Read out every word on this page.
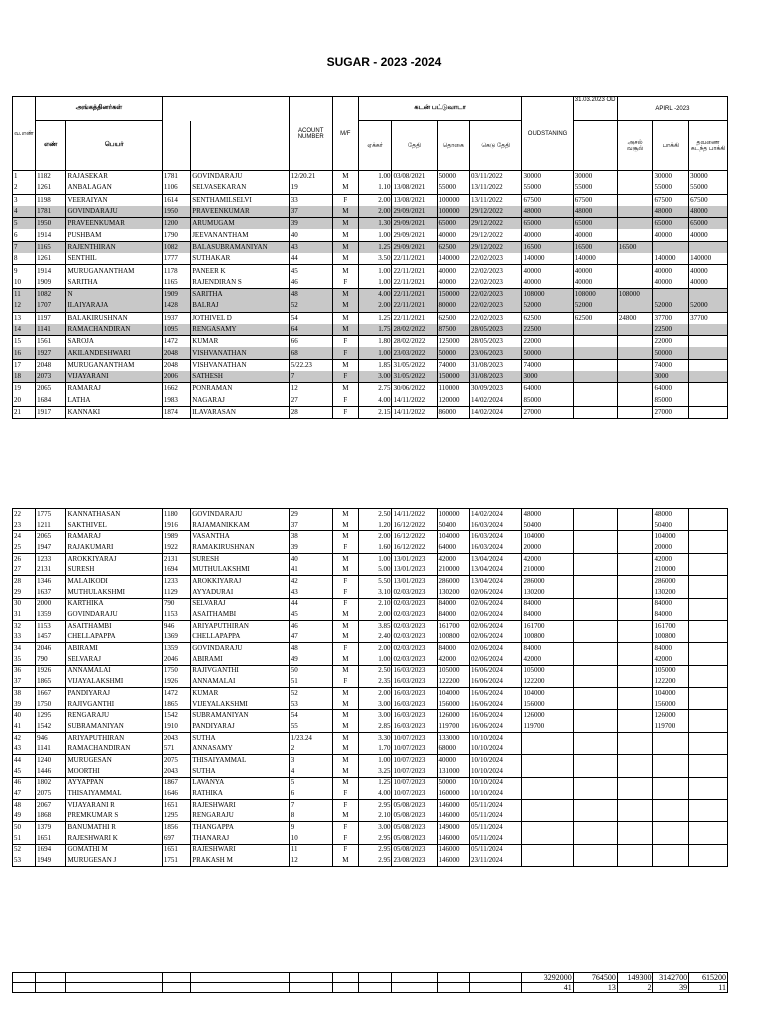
SUGAR - 2023 -2024
வ.எண்	அங்கத்தினர்கள்				ACOUNT NUMBER	M/F	கடன் பட்டுவாடா				OUDSTANING	31.03.2023 OD	APIRL -2023		
	எண்	பெயர்					ஏக்கர்	தேதி	தொகை	கெடு தேதி			அசல் வசூல்	பாக்கி	தவணை கடந்த பாக்கி
1	1182	RAJASEKAR	1781	GOVINDARAJU	12/20.21	M	1.00	03/08/2021	50000	03/11/2022	30000	30000		30000	30000
2	1261	ANBALAGAN	1106	SELVASEKARAN	19	M	1.10	13/08/2021	55000	13/11/2022	55000	55000		55000	55000
3	1198	VEERAIYAN	1614	SENTHAMILSELVI	33	F	2.00	13/08/2021	100000	13/11/2022	67500	67500		67500	67500
4	1781	GOVINDARAJU	1950	PRAVEENKUMAR	37	M	2.00	29/09/2021	100000	29/12/2022	48000	48000		48000	48000
5	1950	PRAVEENKUMAR	1200	ARUMUGAM	39	M	1.30	29/09/2021	65000	29/12/2022	65000	65000		65000	65000
6	1914	PUSHBAM	1790	JEEVANANTHAM	40	M	1.00	29/09/2021	40000	29/12/2022	40000	40000		40000	40000
7	1165	RAJENTHIRAN	1082	BALASUBRAMANIYAN	43	M	1.25	29/09/2021	62500	29/12/2022	16500	16500	16500		
8	1261	SENTHIL	1777	SUTHAKAR	44	M	3.50	22/11/2021	140000	22/02/2023	140000	140000		140000	140000
9	1914	MURUGANANTHAM	1178	PANEER K	45	M	1.00	22/11/2021	40000	22/02/2023	40000	40000		40000	40000
10	1909	SARITHA	1165	RAJENDIRAN S	46	F	1.00	22/11/2021	40000	22/02/2023	40000	40000		40000	40000
11	1082	N	1909	SARITHA	48	M	4.00	22/11/2021	150000	22/02/2023	108000	108000	108000		
12	1707	ILAIYARAJA	1428	BALRAJ	52	M	2.00	22/11/2021	80000	22/02/2023	52000	52000		52000	52000
13	1197	BALAKIRUSHNAN	1937	JOTHIVEL D	54	M	1.25	22/11/2021	62500	22/02/2023	62500	62500	24800	37700	37700
14	1141	RAMACHANDIRAN	1095	RENGASAMY	64	M	1.75	28/02/2022	87500	28/05/2023	22500			22500	
15	1561	SAROJA	1472	KUMAR	66	F	1.80	28/02/2022	125000	28/05/2023	22000			22000	
16	1927	AKILANDESHWARI	2048	VISHVANATHAN	68	F	1.00	23/03/2022	50000	23/06/2023	50000			50000	
17	2048	MURUGANANTHAM	2048	VISHVANATHAN	5/22.23	M	1.85	31/05/2022	74000	31/08/2023	74000			74000	
18	2073	VIJAYARANI	2006	SATHESH	7	F	3.00	31/05/2022	150000	31/08/2023	3000			3000	
19	2065	RAMARAJ	1662	PONRAMAN	12	M	2.75	30/06/2022	110000	30/09/2023	64000			64000	
20	1684	LATHA	1983	NAGARAJ	27	F	4.00	14/11/2022	120000	14/02/2024	85000			85000	
21	1917	KANNAKI	1874	ILAVARASAN	28	F	2.15	14/11/2022	86000	14/02/2024	27000			27000	
22	1775	KANNATHASAN	1180	GOVINDARAJU	29	M	2.50	14/11/2022	100000	14/02/2024	48000			48000	
23	1211	SAKTHIVEL	1916	RAJAMANIKKAM	37	M	1.20	16/12/2022	50400	16/03/2024	50400			50400	
24	2065	RAMARAJ	1989	VASANTHA	38	M	2.00	16/12/2022	104000	16/03/2024	104000			104000	
25	1947	RAJAKUMARI	1922	RAMAKIRUSHNAN	39	F	1.60	16/12/2022	64000	16/03/2024	20000			20000	
26	1233	AROKKIYARAJ	2131	SURESH	40	M	1.00	13/01/2023	42000	13/04/2024	42000			42000	
27	2131	SURESH	1694	MUTHULAKSHMI	41	M	5.00	13/01/2023	210000	13/04/2024	210000			210000	
28	1346	MALAIKODI	1233	AROKKIYARAJ	42	F	5.50	13/01/2023	286000	13/04/2024	286000			286000	
29	1637	MUTHULAKSHMI	1129	AYYADURAI	43	F	3.10	02/03/2023	130200	02/06/2024	130200			130200	
30	2000	KARTHIKA	790	SELVARAJ	44	F	2.10	02/03/2023	84000	02/06/2024	84000			84000	
31	1359	GOVINDARAJU	1153	ASAITHAMBI	45	M	2.00	02/03/2023	84000	02/06/2024	84000			84000	
32	1153	ASAITHAMBI	946	ARIYAPUTHIRAN	46	M	3.85	02/03/2023	161700	02/06/2024	161700			161700	
33	1457	CHELLAPAPPA	1369	CHELLAPAPPA	47	M	2.40	02/03/2023	100800	02/06/2024	100800			100800	
34	2046	ABIRAMI	1359	GOVINDARAJU	48	F	2.00	02/03/2023	84000	02/06/2024	84000			84000	
35	790	SELVARAJ	2046	ABIRAMI	49	M	1.00	02/03/2023	42000	02/06/2024	42000			42000	
36	1926	ANNAMALAI	1750	RAJIVGANTHI	50	M	2.50	16/03/2023	105000	16/06/2024	105000			105000	
37	1865	VIJAYALAKSHMI	1926	ANNAMALAI	51	F	2.35	16/03/2023	122200	16/06/2024	122200			122200	
38	1667	PANDIYARAJ	1472	KUMAR	52	M	2.00	16/03/2023	104000	16/06/2024	104000			104000	
39	1750	RAJIVGANTHI	1865	VIJEYALAKSHMI	53	M	3.00	16/03/2023	156000	16/06/2024	156000			156000	
40	1295	RENGARAJU	1542	SUBRAMANIYAN	54	M	3.00	16/03/2023	126000	16/06/2024	126000			126000	
41	1542	SUBRAMANIYAN	1910	PANDIYARAJ	55	M	2.85	16/03/2023	119700	16/06/2024	119700			119700	
42	946	ARIYAPUTHIRAN	2043	SUTHA	1/23.24	M	3.30	10/07/2023	133000	10/10/2024					
43	1141	RAMACHANDIRAN	571	ANNASAMY	2	M	1.70	10/07/2023	68000	10/10/2024					
44	1240	MURUGESAN	2075	THISAIYAMMAL	3	M	1.00	10/07/2023	40000	10/10/2024					
45	1446	MOORTHI	2043	SUTHA	4	M	3.25	10/07/2023	131000	10/10/2024					
46	1802	AYYAPPAN	1867	LAVANYA	5	M	1.25	10/07/2023	50000	10/10/2024					
47	2075	THISAIYAMMAL	1646	RATHIKA	6	F	4.00	10/07/2023	160000	10/10/2024					
48	2067	VIJAYARANI R	1651	RAJESHWARI	7	F	2.95	05/08/2023	146000	05/11/2024					
49	1868	PREMKUMAR S	1295	RENGARAJU	8	M	2.10	05/08/2023	146000	05/11/2024					
50	1379	BANUMATHI R	1856	THANGAPPA	9	F	3.00	05/08/2023	149000	05/11/2024					
51	1651	RAJESHWARI K	697	THANARAJ	10	F	2.95	05/08/2023	146000	05/11/2024					
52	1694	GOMATHI M	1651	RAJESHWARI	11	F	2.95	05/08/2023	146000	05/11/2024					
53	1949	MURUGESAN J	1751	PRAKASH M	12	M	2.95	23/08/2023	146000	23/11/2024					
											3292000	764500	149300	3142700	615200
											41	13	2	39	11
